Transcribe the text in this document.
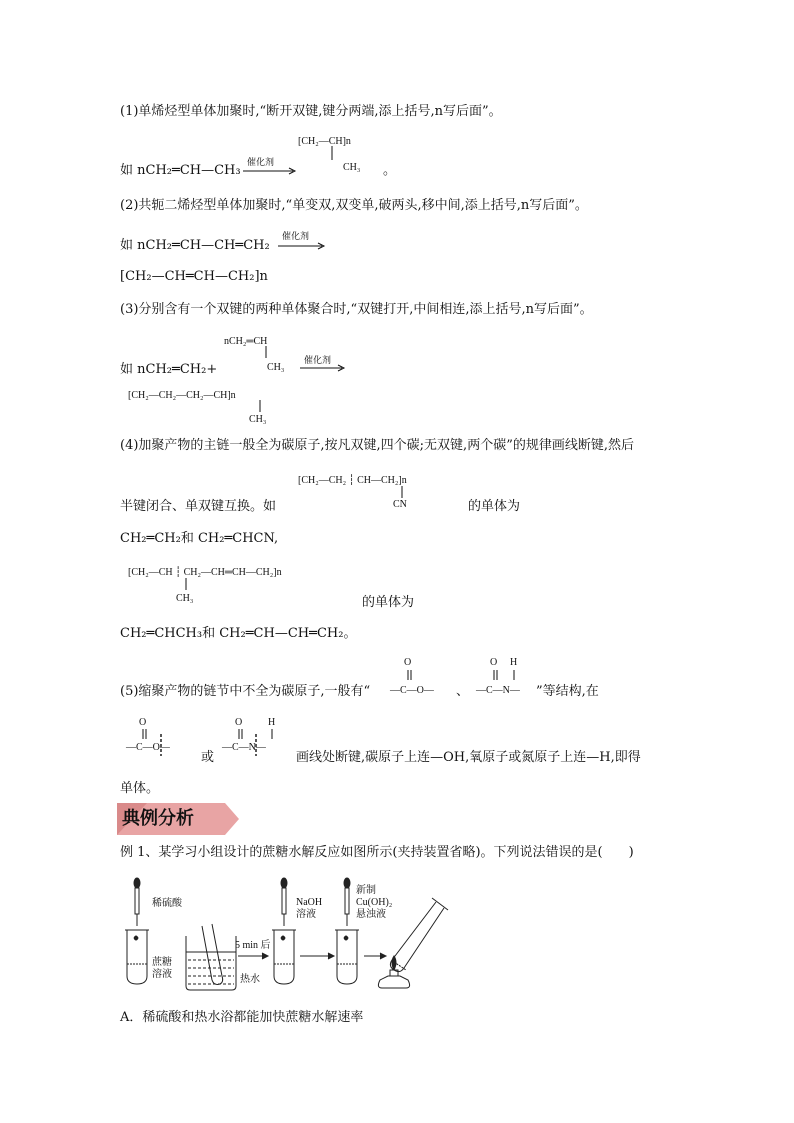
(1)单烯烃型单体加聚时,“断开双键,键分两端,添上括号,n写后面”。
[CH₂—CH]n
CH₃
如 nCH₂═CH—CH₃
催化剂
。
(2)共轭二烯烃型单体加聚时,“单变双,双变单,破两头,移中间,添上括号,n写后面”。
如 nCH₂═CH—CH═CH₂
催化剂
[CH₂—CH═CH—CH₂]n
(3)分别含有一个双键的两种单体聚合时,“双键打开,中间相连,添上括号,n写后面”。
nCH₂═CH
CH₃
如 nCH₂═CH₂+
催化剂
[CH₂—CH₂—CH₂—CH]n
CH₃
(4)加聚产物的主链一般全为碳原子,按凡双键,四个碳;无双键,两个碳”的规律画线断键,然后
[CH₂—CH₂ ┆ CH—CH₂]n
CN
半键闭合、单双键互换。如	的单体为
CH₂═CH₂和 CH₂═CHCN,
[CH₂—CH ┆ CH₂—CH═CH—CH₂]n
CH₃	的单体为
CH₂═CHCH₃和 CH₂═CH—CH═CH₂。
O	O H
(5)缩聚产物的链节中不全为碳原子,一般有“ —C—O— 、 —C—N— ”等结构,在
O
—C—O—
或
O	H
—C—N—
画线处断键,碳原子上连—OH,氧原子或氮原子上连—H,即得
单体。
典例分析
例 1、某学习小组设计的蔗糖水解反应如图所示(夹持装置省略)。下列说法错误的是(　　)
稀硫酸
蔗糖
溶液	热水
5 min 后
NaOH
溶液
新制
Cu(OH)₂
悬浊液
A．稀硫酸和热水浴都能加快蔗糖水解速率
